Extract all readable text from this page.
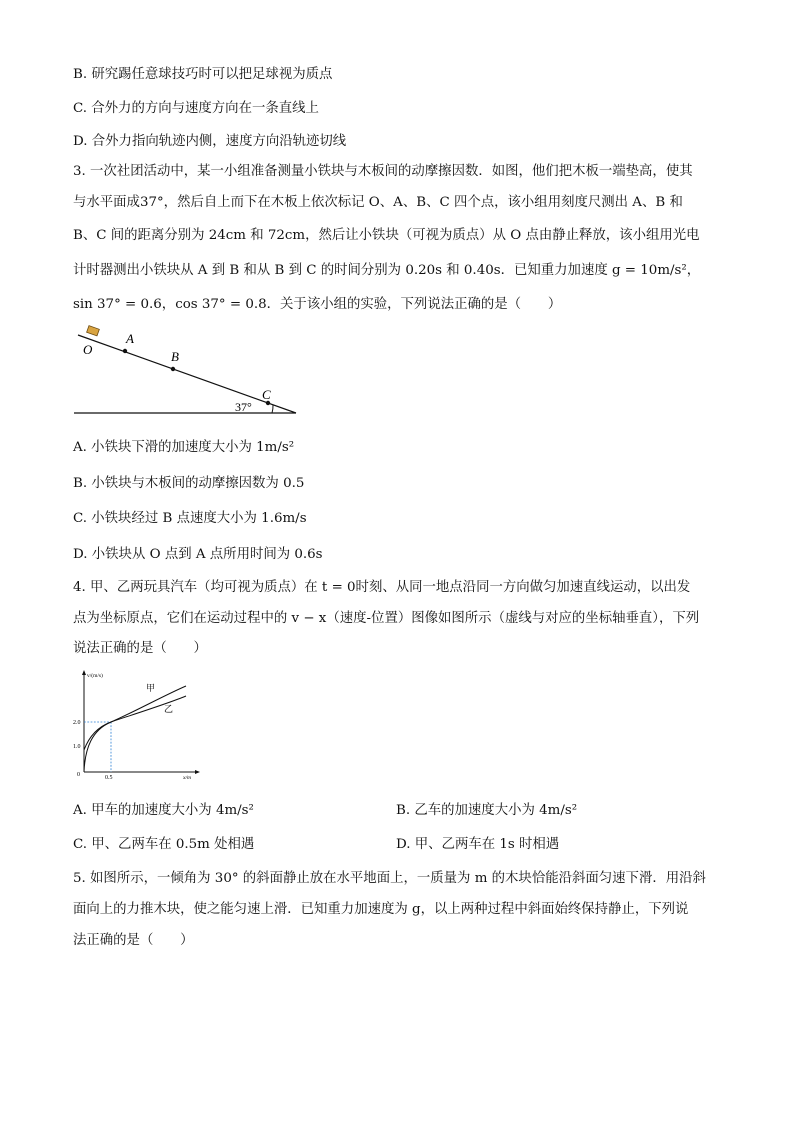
B. 研究踢任意球技巧时可以把足球视为质点
C. 合外力的方向与速度方向在一条直线上
D. 合外力指向轨迹内侧，速度方向沿轨迹切线
3. 一次社团活动中，某一小组准备测量小铁块与木板间的动摩擦因数．如图，他们把木板一端垫高，使其
与水平面成37°，然后自上而下在木板上依次标记 O、A、B、C 四个点，该小组用刻度尺测出 A、B 和
B、C 间的距离分别为 24cm 和 72cm，然后让小铁块（可视为质点）从 O 点由静止释放，该小组用光电
计时器测出小铁块从 A 到 B 和从 B 到 C 的时间分别为 0.20s 和 0.40s．已知重力加速度 g = 10m/s²，
sin 37° = 0.6，cos 37° = 0.8．关于该小组的实验，下列说法正确的是（　　）
O
A
B
C
37°
A. 小铁块下滑的加速度大小为 1m/s²
B. 小铁块与木板间的动摩擦因数为 0.5
C. 小铁块经过 B 点速度大小为 1.6m/s
D. 小铁块从 O 点到 A 点所用时间为 0.6s
4. 甲、乙两玩具汽车（均可视为质点）在 t = 0时刻、从同一地点沿同一方向做匀加速直线运动，以出发
点为坐标原点，它们在运动过程中的 v − x（速度-位置）图像如图所示（虚线与对应的坐标轴垂直），下列
说法正确的是（　　）
v/(m/s)
x/m
0
1.0
2.0
0.5
甲
乙
A. 甲车的加速度大小为 4m/s²	B. 乙车的加速度大小为 4m/s²
C. 甲、乙两车在 0.5m 处相遇	D. 甲、乙两车在 1s 时相遇
5. 如图所示，一倾角为 30° 的斜面静止放在水平地面上，一质量为 m 的木块恰能沿斜面匀速下滑．用沿斜
面向上的力推木块，使之能匀速上滑．已知重力加速度为 g，以上两种过程中斜面始终保持静止，下列说
法正确的是（　　）
